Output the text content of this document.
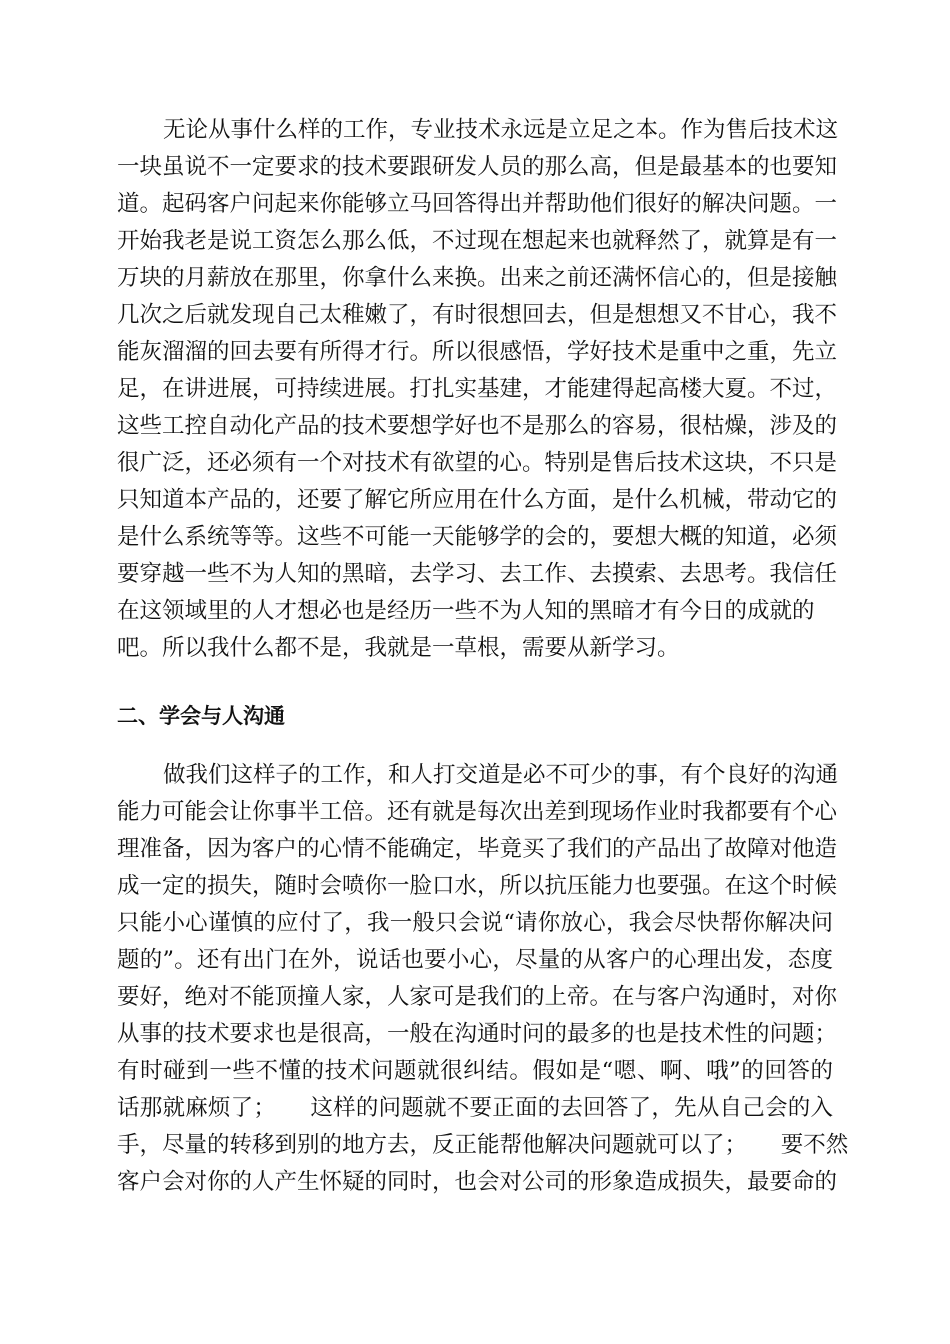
无论从事什么样的工作，专业技术永远是立足之本。作为售后技术这
一块虽说不一定要求的技术要跟研发人员的那么高，但是最基本的也要知
道。起码客户问起来你能够立马回答得出并帮助他们很好的解决问题。一
开始我老是说工资怎么那么低，不过现在想起来也就释然了，就算是有一
万块的月薪放在那里，你拿什么来换。出来之前还满怀信心的，但是接触
几次之后就发现自己太稚嫩了，有时很想回去，但是想想又不甘心，我不
能灰溜溜的回去要有所得才行。所以很感悟，学好技术是重中之重，先立
足，在讲进展，可持续进展。打扎实基建，才能建得起高楼大夏。不过，
这些工控自动化产品的技术要想学好也不是那么的容易，很枯燥，涉及的
很广泛，还必须有一个对技术有欲望的心。特别是售后技术这块，不只是
只知道本产品的，还要了解它所应用在什么方面，是什么机械，带动它的
是什么系统等等。这些不可能一天能够学的会的，要想大概的知道，必须
要穿越一些不为人知的黑暗，去学习、去工作、去摸索、去思考。我信任
在这领域里的人才想必也是经历一些不为人知的黑暗才有今日的成就的
吧。所以我什么都不是，我就是一草根，需要从新学习。
二、学会与人沟通
做我们这样子的工作，和人打交道是必不可少的事，有个良好的沟通
能力可能会让你事半工倍。还有就是每次出差到现场作业时我都要有个心
理准备，因为客户的心情不能确定，毕竟买了我们的产品出了故障对他造
成一定的损失，随时会喷你一脸口水，所以抗压能力也要强。在这个时候
只能小心谨慎的应付了，我一般只会说“请你放心，我会尽快帮你解决问
题的”。还有出门在外，说话也要小心，尽量的从客户的心理出发，态度
要好，绝对不能顶撞人家，人家可是我们的上帝。在与客户沟通时，对你
从事的技术要求也是很高，一般在沟通时问的最多的也是技术性的问题；
有时碰到一些不懂的技术问题就很纠结。假如是“嗯、啊、哦”的回答的
话那就麻烦了；　　这样的问题就不要正面的去回答了，先从自己会的入
手，尽量的转移到别的地方去，反正能帮他解决问题就可以了；　　要不然
客户会对你的人产生怀疑的同时，也会对公司的形象造成损失，最要命的
